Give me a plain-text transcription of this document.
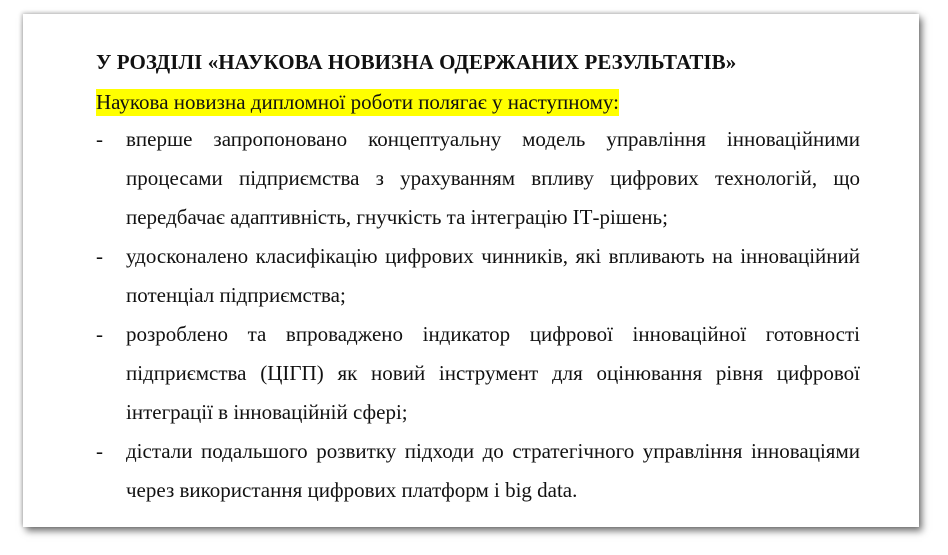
У РОЗДІЛІ «НАУКОВА НОВИЗНА ОДЕРЖАНИХ РЕЗУЛЬТАТІВ»
Наукова новизна дипломної роботи полягає у наступному:
- вперше запропоновано концептуальну модель управління інноваційними процесами підприємства з урахуванням впливу цифрових технологій, що передбачає адаптивність, гнучкість та інтеграцію ІТ-рішень;
- удосконалено класифікацію цифрових чинників, які впливають на інноваційний потенціал підприємства;
- розроблено та впроваджено індикатор цифрової інноваційної готовності підприємства (ЦІГП) як новий інструмент для оцінювання рівня цифрової інтеграції в інноваційній сфері;
- дістали подальшого розвитку підходи до стратегічного управління інноваціями через використання цифрових платформ і big data.
